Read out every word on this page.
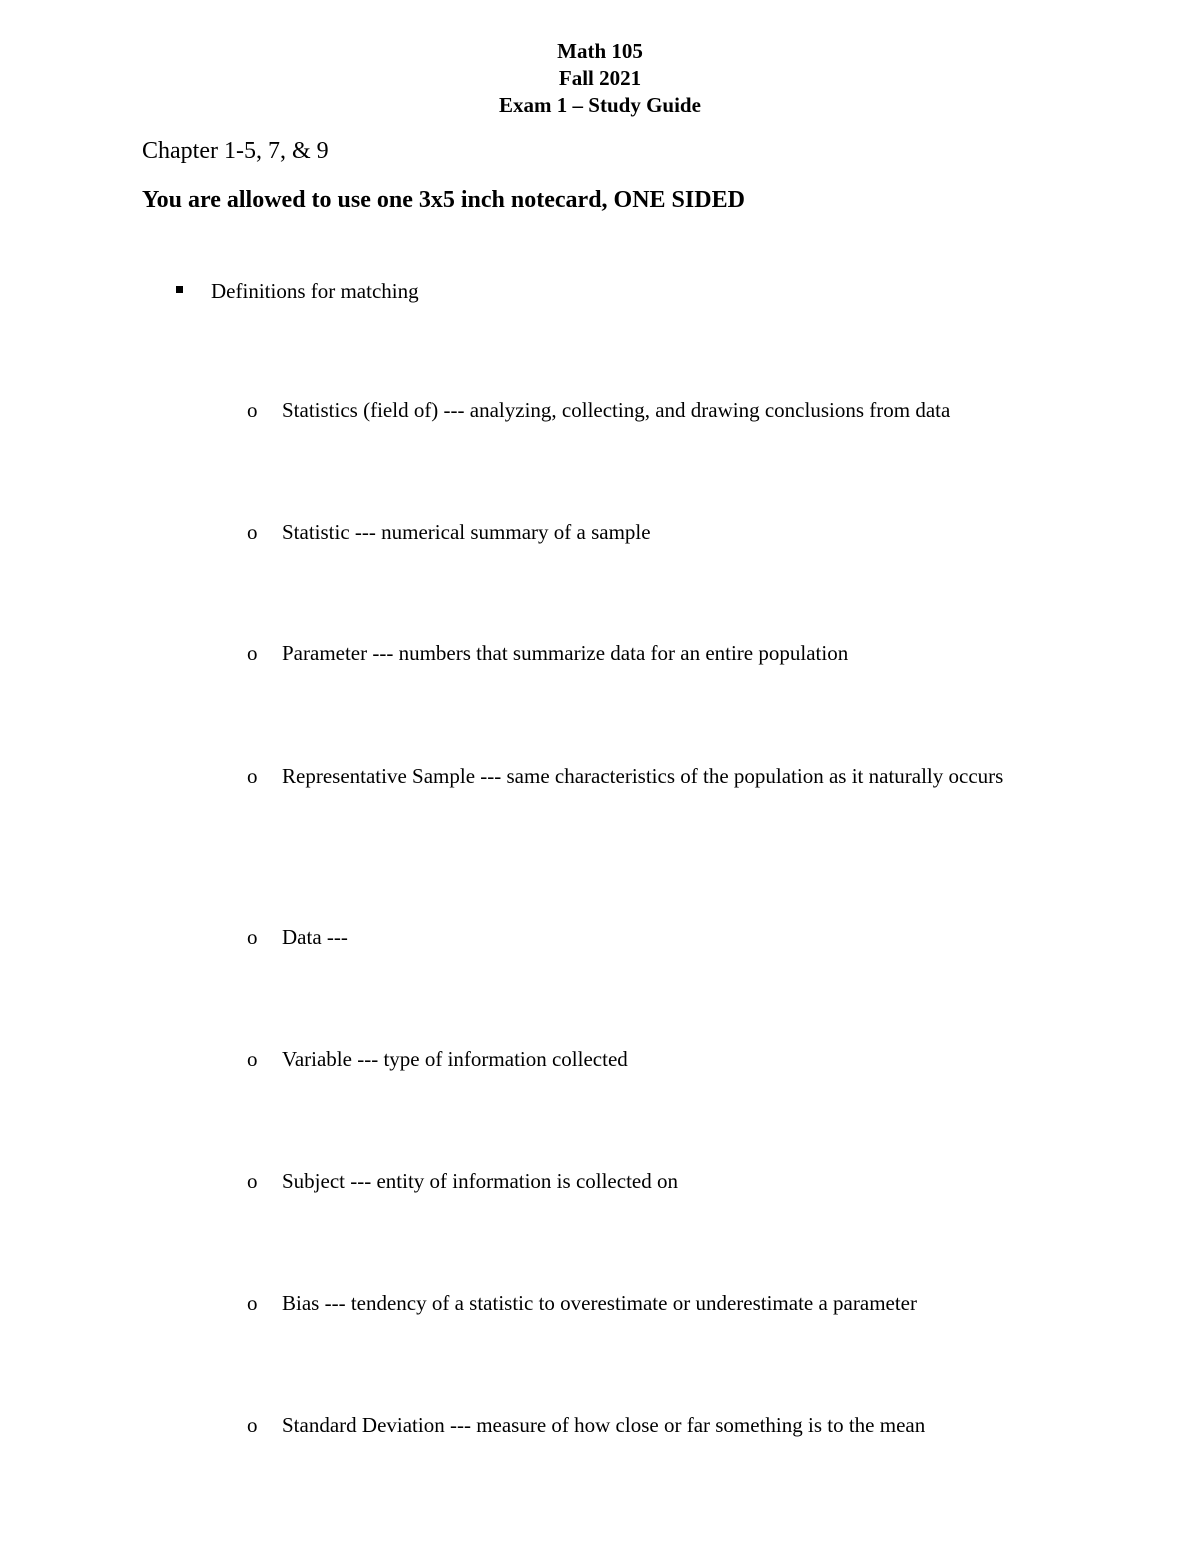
Math 105
Fall 2021
Exam 1 – Study Guide
Chapter 1-5, 7, & 9
You are allowed to use one 3x5 inch notecard, ONE SIDED
Definitions for matching
o	Statistics (field of) --- analyzing, collecting, and drawing conclusions from data
o	Statistic --- numerical summary of a sample
o	Parameter --- numbers that summarize data for an entire population
o	Representative Sample --- same characteristics of the population as it naturally occurs
o	Data ---
o	Variable --- type of information collected
o	Subject --- entity of information is collected on
o	Bias --- tendency of a statistic to overestimate or underestimate a parameter
o	Standard Deviation --- measure of how close or far something is to the mean
